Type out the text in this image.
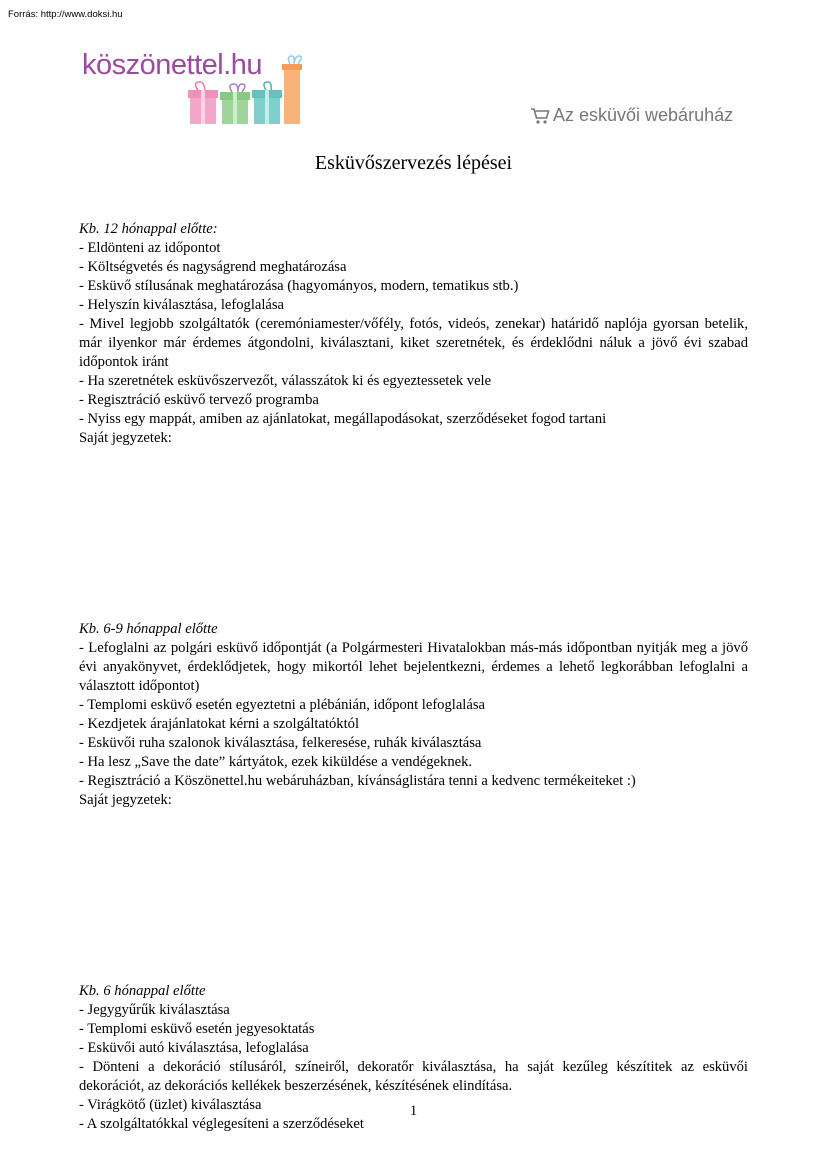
Forrás: http://www.doksi.hu
köszönettel.hu
Az esküvői webáruház
Esküvőszervezés lépései
Kb. 12 hónappal előtte:
- Eldönteni az időpontot
- Költségvetés és nagyságrend meghatározása
- Esküvő stílusának meghatározása (hagyományos, modern, tematikus stb.)
- Helyszín kiválasztása, lefoglalása
- Mivel legjobb szolgáltatók (ceremóniamester/vőfély, fotós, videós, zenekar) határidő naplója gyorsan betelik, már ilyenkor már érdemes átgondolni, kiválasztani, kiket szeretnétek, és érdeklődni náluk a jövő évi szabad időpontok iránt
- Ha szeretnétek esküvőszervezőt, válasszátok ki és egyeztessetek vele
- Regisztráció esküvő tervező programba
- Nyiss egy mappát, amiben az ajánlatokat, megállapodásokat, szerződéseket fogod tartani
Saját jegyzetek:
Kb. 6-9 hónappal előtte
- Lefoglalni az polgári esküvő időpontját (a Polgármesteri Hivatalokban más-más időpontban nyitják meg a jövő évi anyakönyvet, érdeklődjetek, hogy mikortól lehet bejelentkezni, érdemes a lehető legkorábban lefoglalni a választott időpontot)
- Templomi esküvő esetén egyeztetni a plébánián, időpont lefoglalása
- Kezdjetek árajánlatokat kérni a szolgáltatóktól
- Esküvői ruha szalonok kiválasztása, felkeresése, ruhák kiválasztása
- Ha lesz „Save the date” kártyátok, ezek kiküldése a vendégeknek.
- Regisztráció a Köszönettel.hu webáruházban, kívánságlistára tenni a kedvenc termékeiteket :)
Saját jegyzetek:
Kb. 6 hónappal előtte
- Jegygyűrűk kiválasztása
- Templomi esküvő esetén jegyesoktatás
- Esküvői autó kiválasztása, lefoglalása
- Dönteni a dekoráció stílusáról, színeiről, dekoratőr kiválasztása, ha saját kezűleg készítitek az esküvői dekorációt, az dekorációs kellékek beszerzésének, készítésének elindítása.
- Virágkötő (üzlet) kiválasztása
- A szolgáltatókkal véglegesíteni a szerződéseket
1
